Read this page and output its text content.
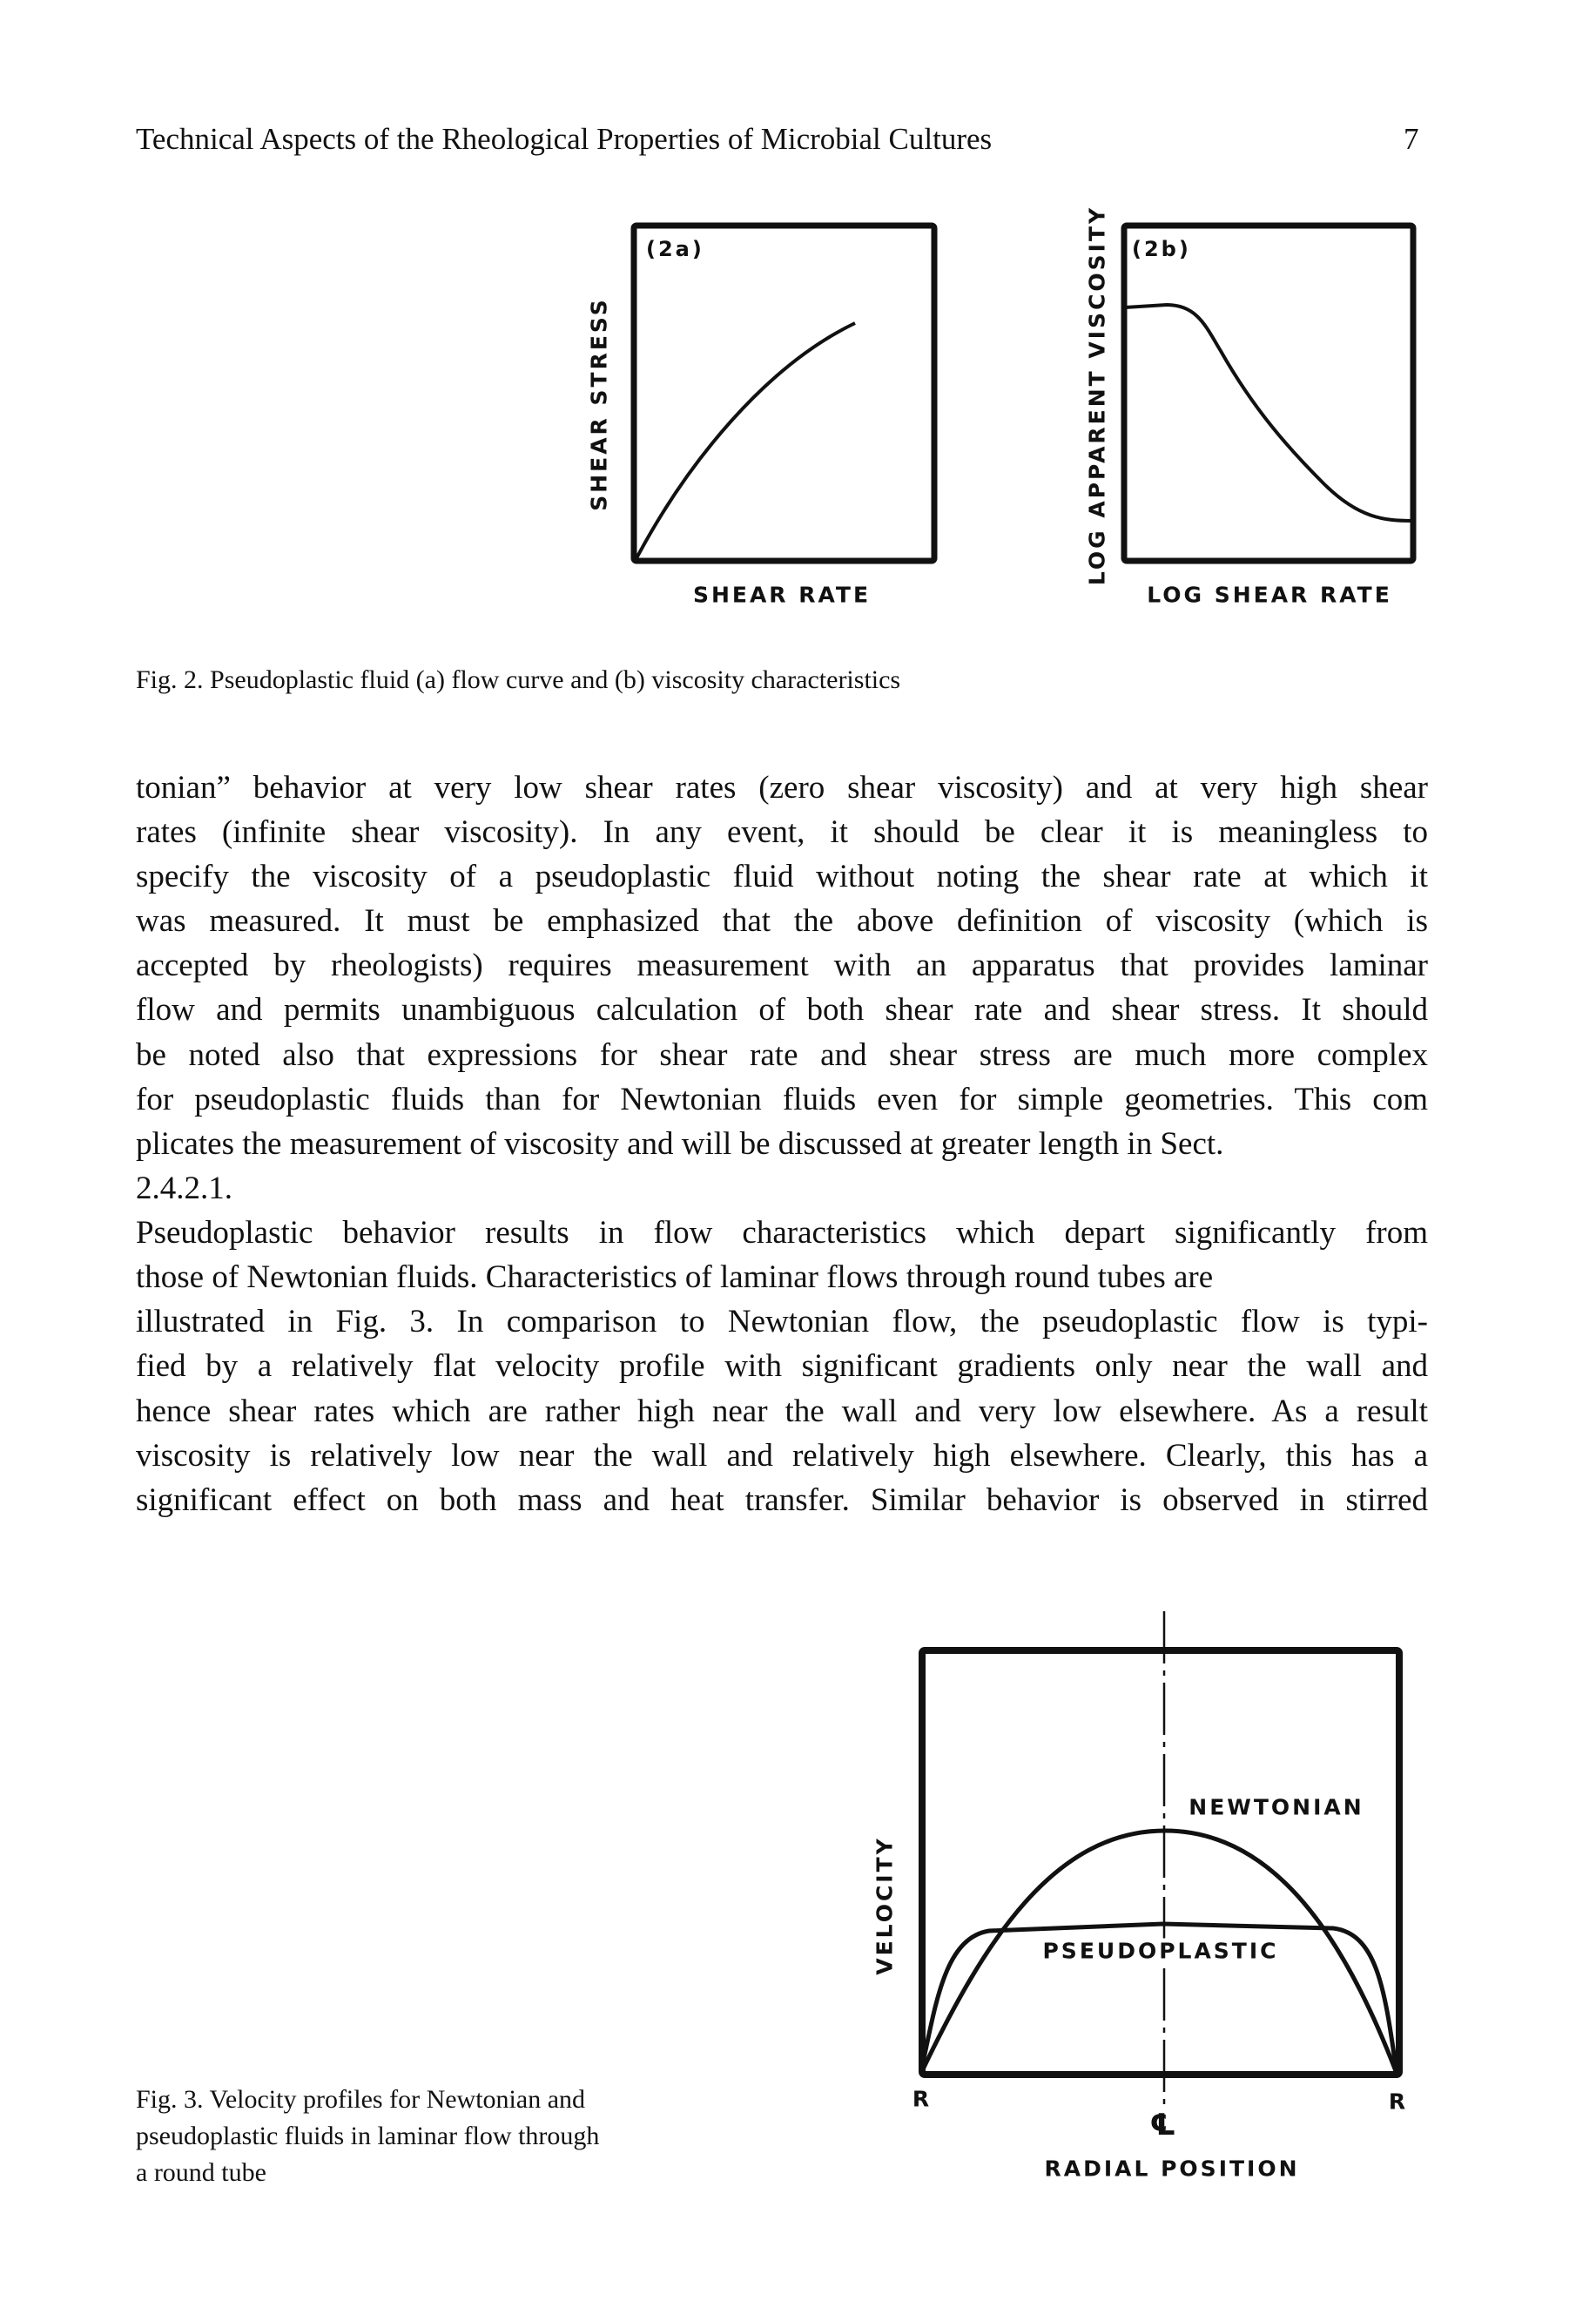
Technical Aspects of the Rheological Properties of Microbial Cultures	7
(2a)
SHEAR STRESS
SHEAR RATE
(2b)
LOG APPARENT VISCOSITY
LOG SHEAR RATE
Fig. 2. Pseudoplastic fluid (a) flow curve and (b) viscosity characteristics
tonian” behavior at very low shear rates (zero shear viscosity) and at very high shear
rates (infinite shear viscosity). In any event, it should be clear it is meaningless to
specify the viscosity of a pseudoplastic fluid without noting the shear rate at which it
was measured. It must be emphasized that the above definition of viscosity (which is
accepted by rheologists) requires measurement with an apparatus that provides laminar
flow and permits unambiguous calculation of both shear rate and shear stress. It should
be noted also that expressions for shear rate and shear stress are much more complex
for pseudoplastic fluids than for Newtonian fluids even for simple geometries. This com
plicates the measurement of viscosity and will be discussed at greater length in Sect.
2.4.2.1.
Pseudoplastic behavior results in flow characteristics which depart significantly from
those of Newtonian fluids. Characteristics of laminar flows through round tubes are
illustrated in Fig. 3. In comparison to Newtonian flow, the pseudoplastic flow is typi-
fied by a relatively flat velocity profile with significant gradients only near the wall and
hence shear rates which are rather high near the wall and very low elsewhere. As a result
viscosity is relatively low near the wall and relatively high elsewhere. Clearly, this has a
significant effect on both mass and heat transfer. Similar behavior is observed in stirred
NEWTONIAN
PSEUDOPLASTIC
VELOCITY
R
℄
R
RADIAL POSITION
Fig. 3. Velocity profiles for Newtonian and
pseudoplastic fluids in laminar flow through
a round tube
